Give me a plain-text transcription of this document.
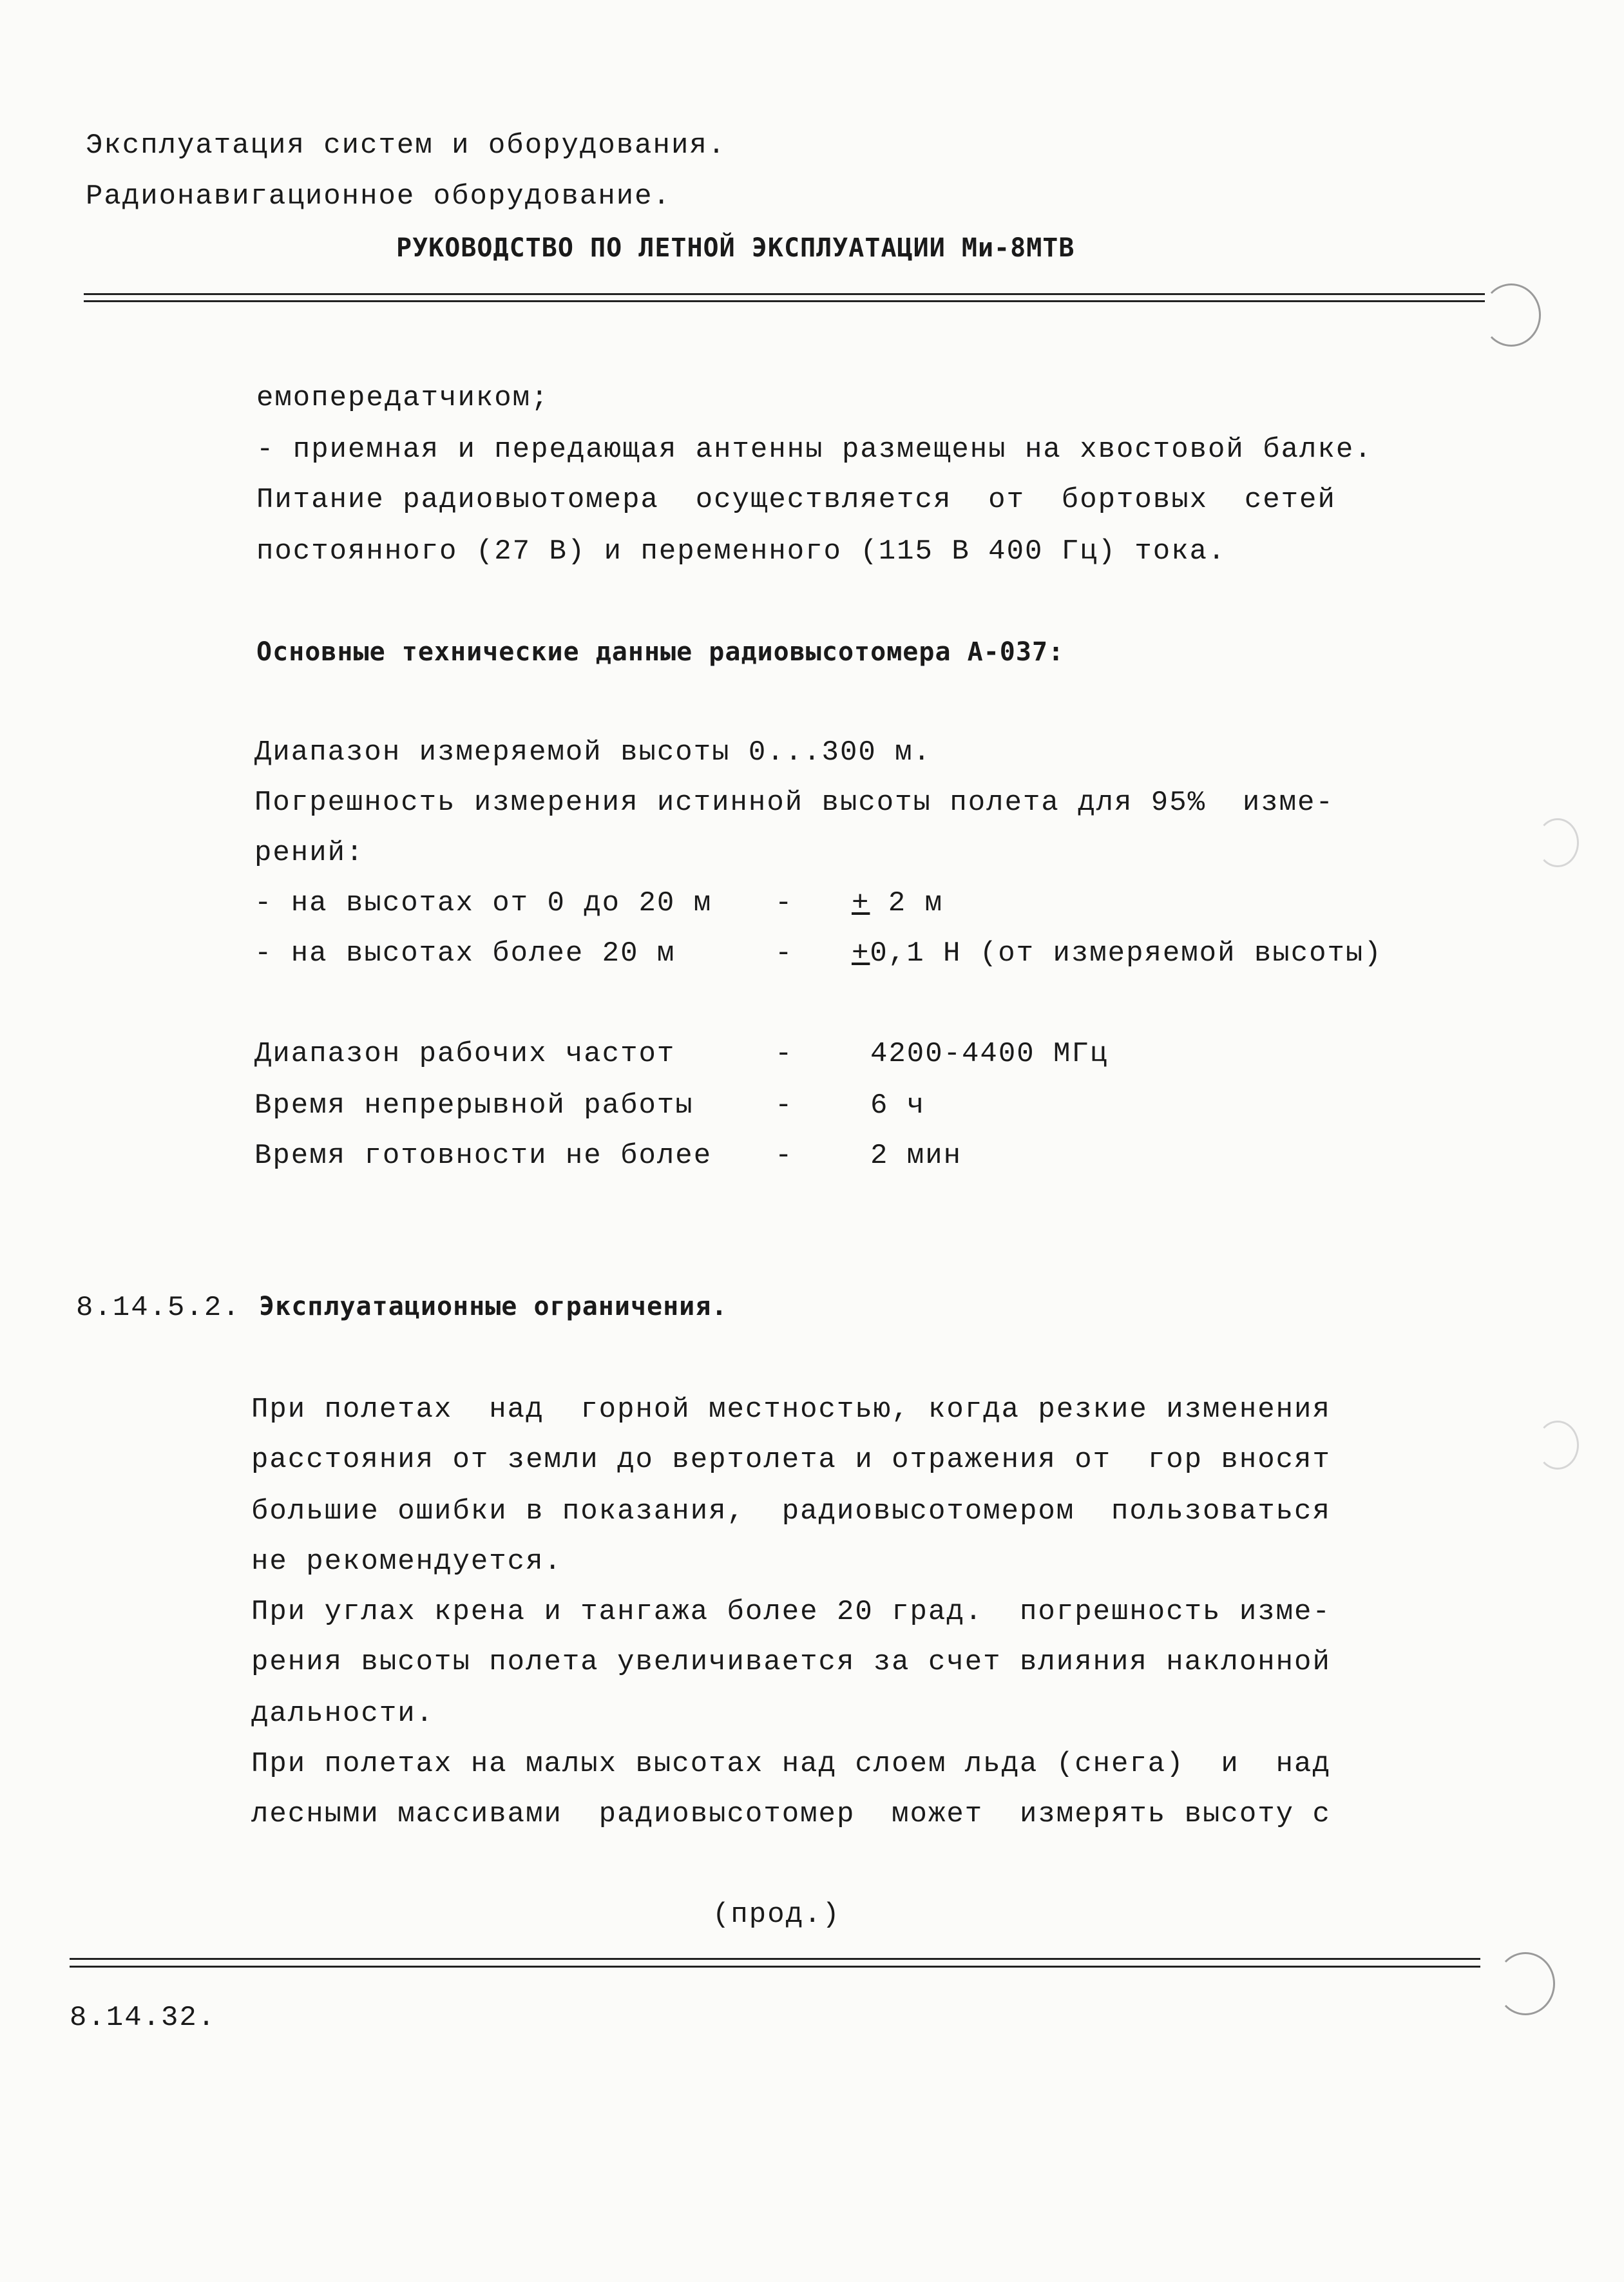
Эксплуатация систем и оборудования.
Радионавигационное оборудование.
РУКОВОДСТВО ПО ЛЕТНОЙ ЭКСПЛУАТАЦИИ Ми-8МТВ
емопередатчиком;
- приемная и передающая антенны размещены на хвостовой балке.
Питание радиовыотомера  осуществляется  от  бортовых  сетей
постоянного (27 В) и переменного (115 В 400 Гц) тока.
Основные технические данные радиовысотомера А-037:
Диапазон измеряемой высоты 0...300 м.
Погрешность измерения истинной высоты полета для 95%  изме-
рений:
- на высотах от 0 до 20 м - + 2 м
- на высотах более 20 м	- +0,1 Н (от измеряемой высоты)
Диапазон рабочих частот	-	4200-4400 МГц
Время непрерывной работы	-	6 ч
Время готовности не более -	2 мин
8.14.5.2. Эксплуатационные ограничения.
При полетах  над  горной местностью, когда резкие изменения
расстояния от земли до вертолета и отражения от  гор вносят
большие ошибки в показания,  радиовысотомером  пользоваться
не рекомендуется.
При углах крена и тангажа более 20 град.  погрешность изме-
рения высоты полета увеличивается за счет влияния наклонной
дальности.
При полетах на малых высотах над слоем льда (снега)  и  над
лесными массивами  радиовысотомер  может  измерять высоту с
(прод.)
8.14.32.
